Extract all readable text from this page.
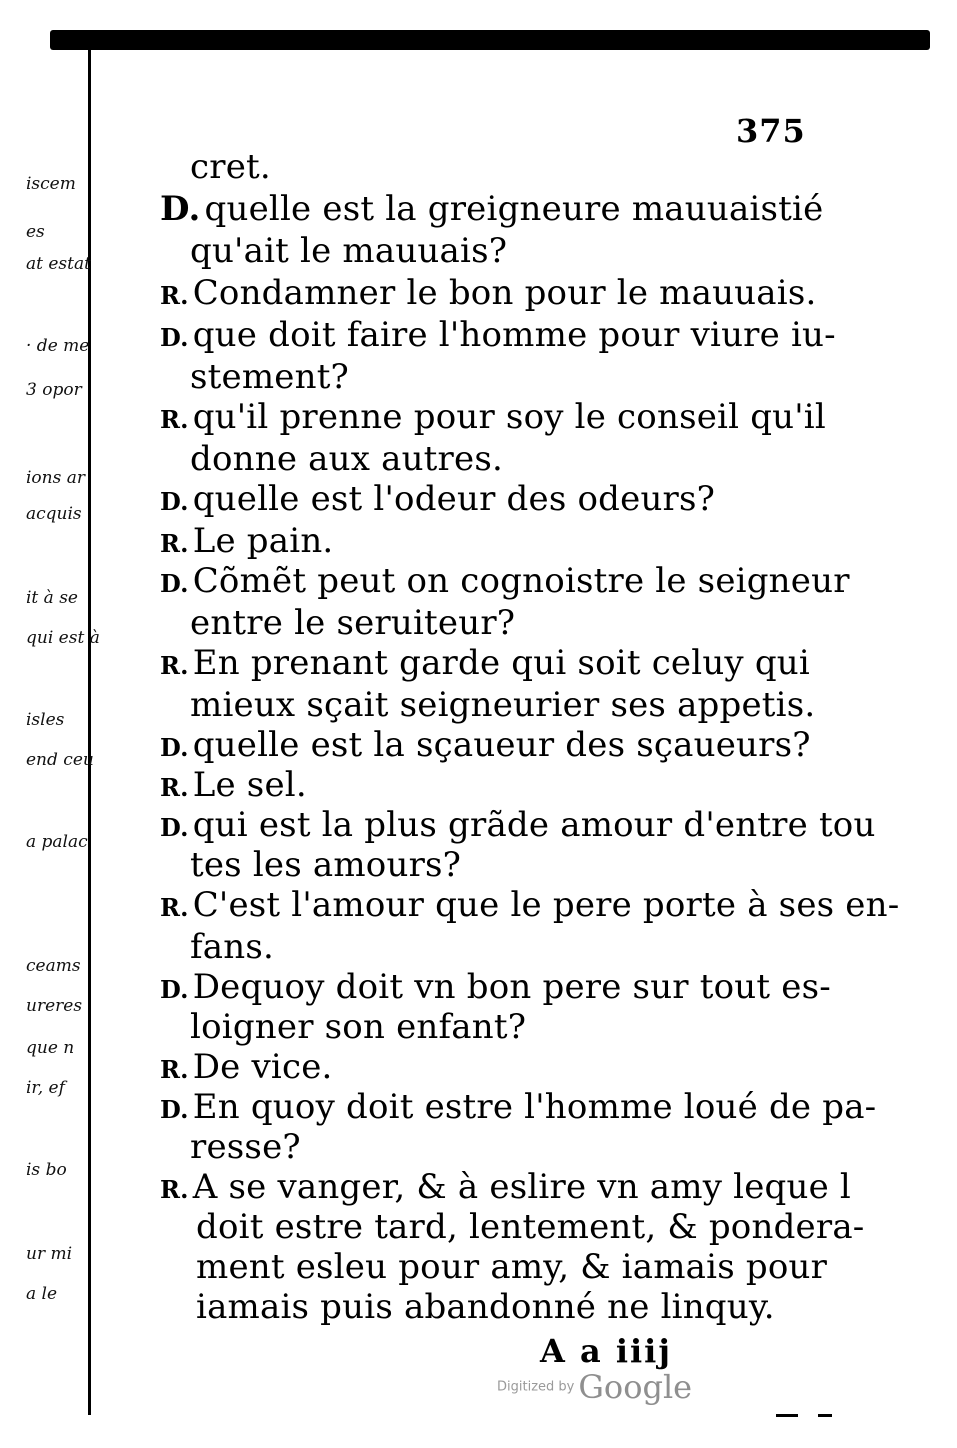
375
iscem
es
at estat
· de me
3 opor
ions ar
acquis
it à se
qui est à
isles
end ceu
a palac
ceams
ureres
que n
ir, ef
is bo
ur mi
a le
cret.
D. quelle est la greigneure mauuaistié
qu'ait le mauuais?
R. Condamner le bon pour le mauuais.
D. que doit faire l'homme pour viure iu-
stement?
R. qu'il prenne pour soy le conseil qu'il
donne aux autres.
D. quelle est l'odeur des odeurs?
R. Le pain.
D. Cõmẽt peut on cognoistre le seigneur
entre le seruiteur?
R. En prenant garde qui soit celuy qui
mieux sçait seigneurier ses appetis.
D. quelle est la sçaueur des sçaueurs?
R. Le sel.
D. qui est la plus grãde amour d'entre tou
tes les amours?
R. C'est l'amour que le pere porte à ses en-
fans.
D. Dequoy doit vn bon pere sur tout es-
loigner son enfant?
R. De vice.
D. En quoy doit estre l'homme loué de pa-
resse?
R. A se vanger, & à eslire vn amy leque l
doit estre tard, lentement, & pondera-
ment esleu pour amy, & iamais pour
iamais puis abandonné ne linquy.
A a iiij
Digitized by Google
